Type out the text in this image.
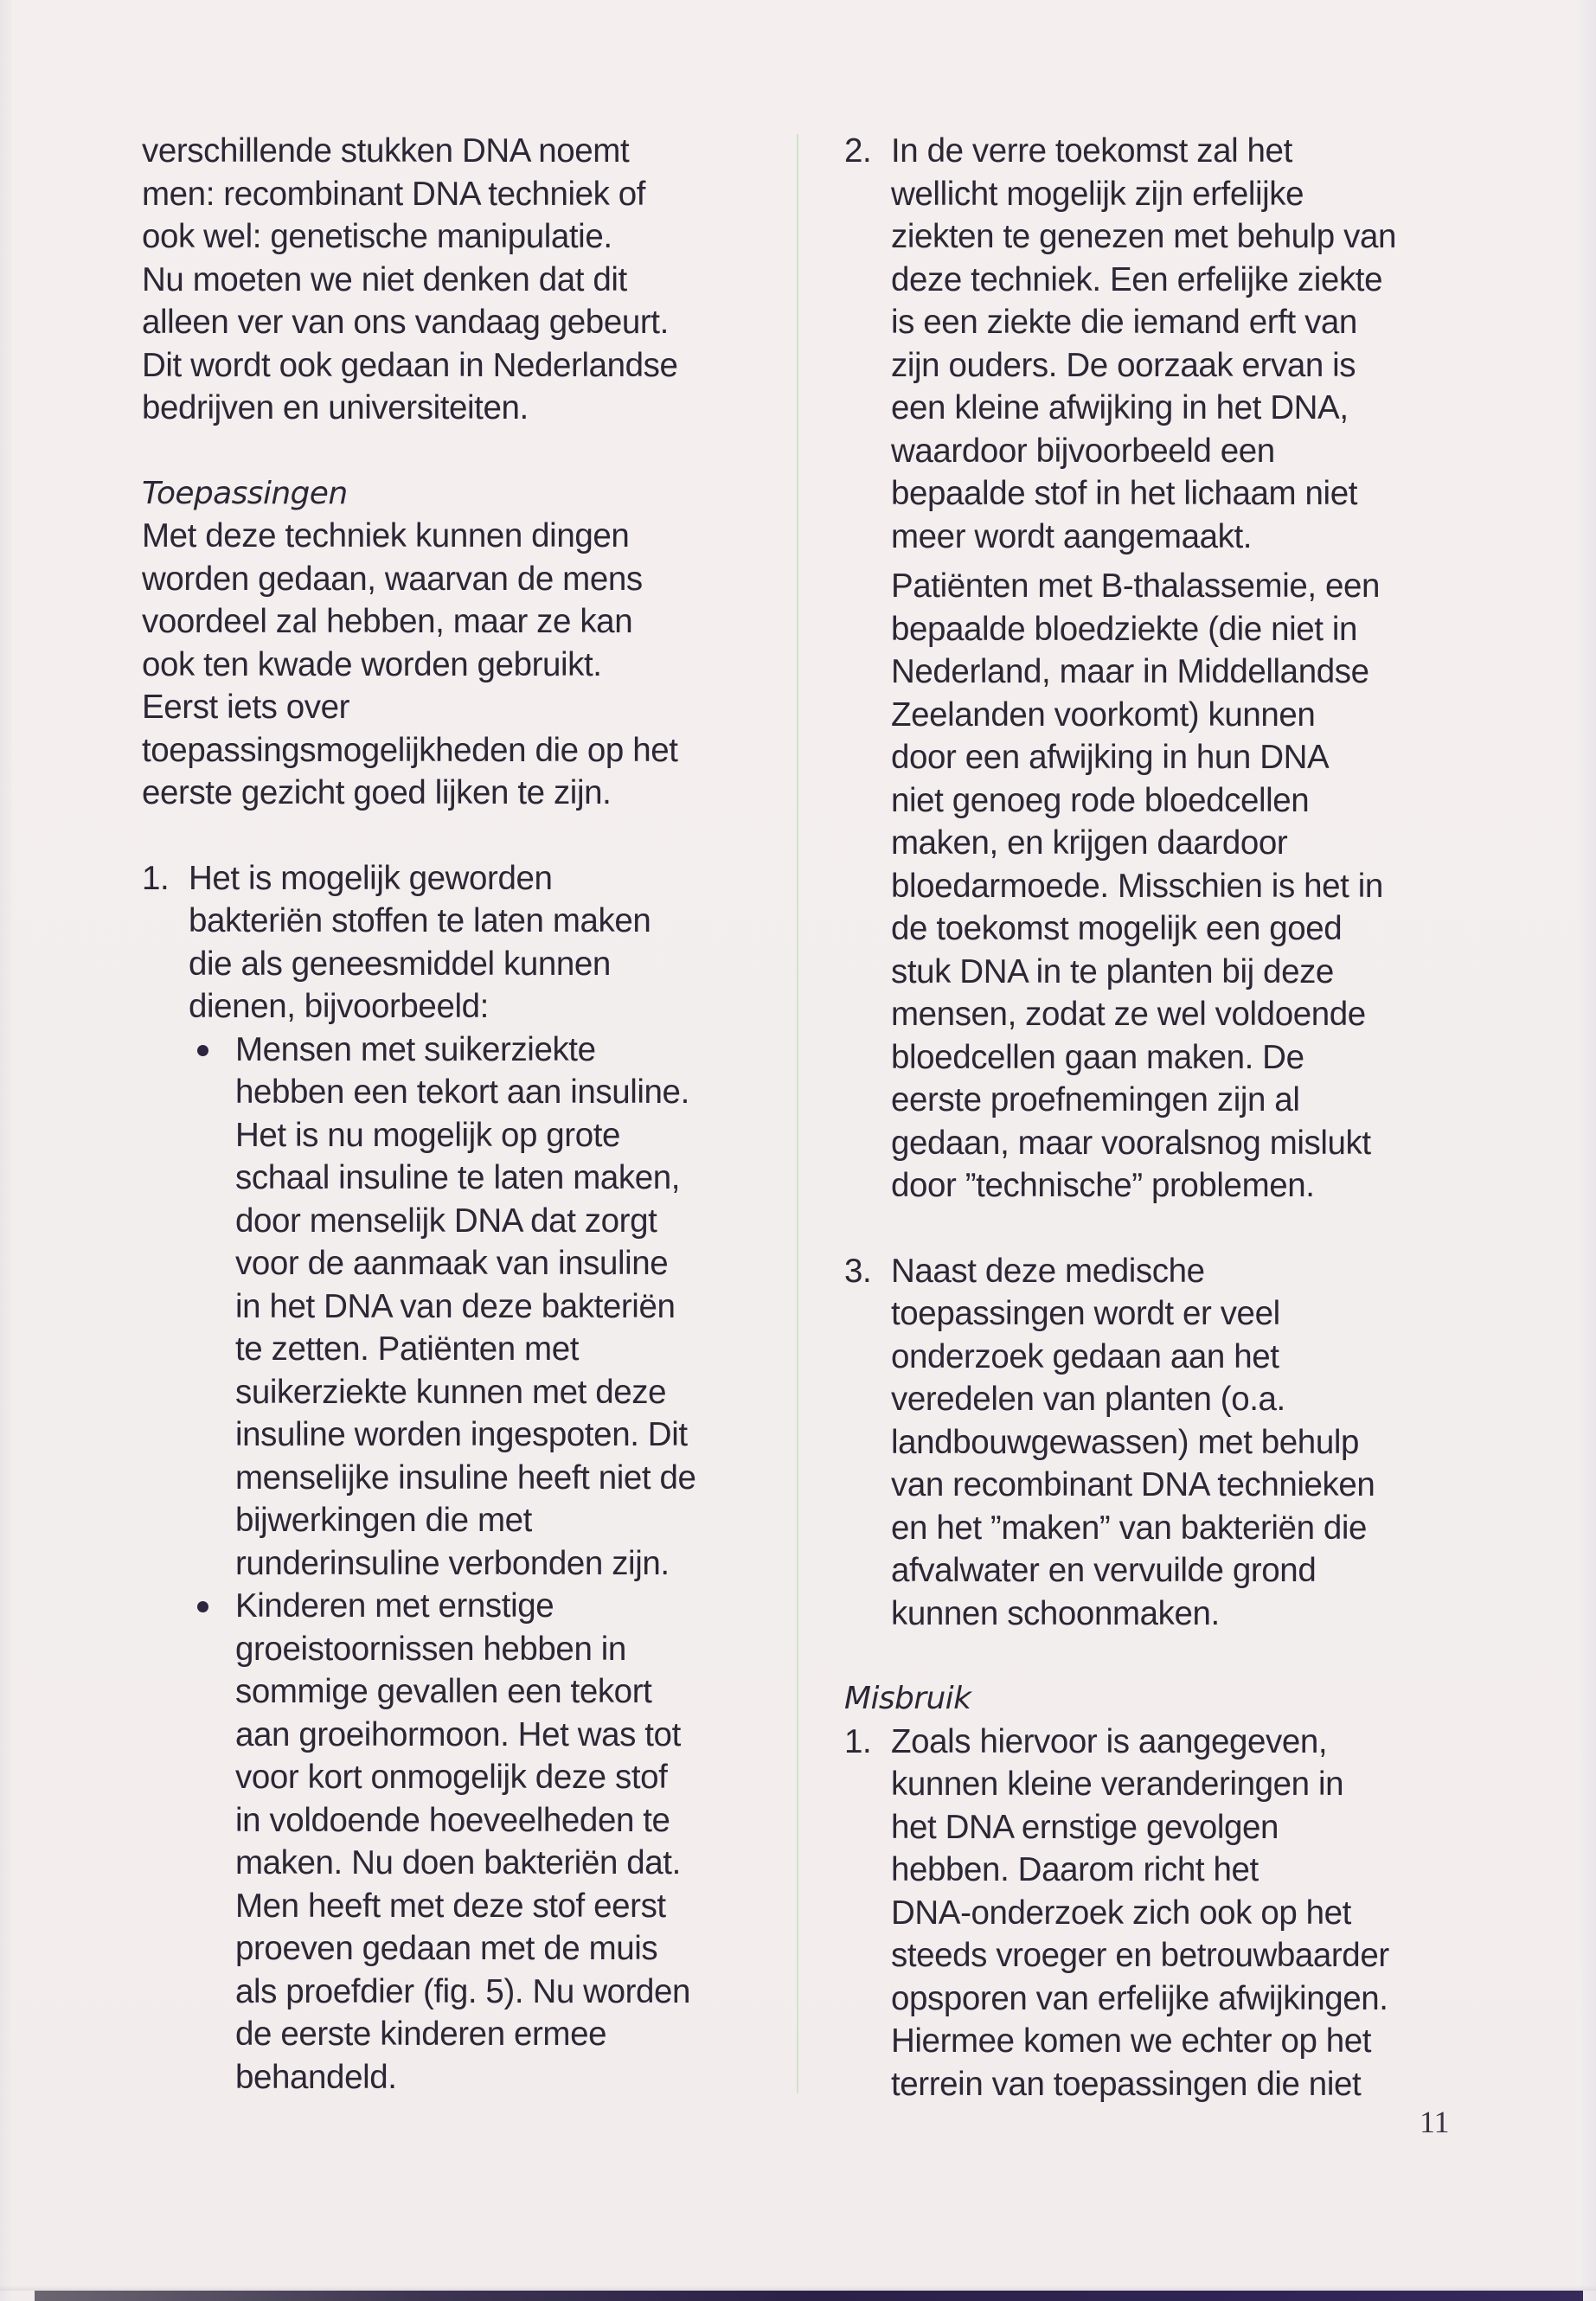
verschillende stukken DNA noemt

men: recombinant DNA techniek of

ook wel: genetische manipulatie.

Nu moeten we niet denken dat dit

alleen ver van ons vandaag gebeurt.

Dit wordt ook gedaan in Nederlandse

bedrijven en universiteiten.

Toepassingen

Met deze techniek kunnen dingen

worden gedaan, waarvan de mens

voordeel zal hebben, maar ze kan

ook ten kwade worden gebruikt.

Eerst iets over

toepassingsmogelijkheden die op het

eerste gezicht goed lijken te zijn.

1. Het is mogelijk geworden

bakteriën stoffen te laten maken

die als geneesmiddel kunnen

dienen, bijvoorbeeld:

Mensen met suikerziekte

hebben een tekort aan insuline.

Het is nu mogelijk op grote

schaal insuline te laten maken,

door menselijk DNA dat zorgt

voor de aanmaak van insuline

in het DNA van deze bakteriën

te zetten. Patiënten met

suikerziekte kunnen met deze

insuline worden ingespoten. Dit

menselijke insuline heeft niet de

bijwerkingen die met

runderinsuline verbonden zijn.

Kinderen met ernstige

groeistoornissen hebben in

sommige gevallen een tekort

aan groeihormoon. Het was tot

voor kort onmogelijk deze stof

in voldoende hoeveelheden te

maken. Nu doen bakteriën dat.

Men heeft met deze stof eerst

proeven gedaan met de muis

als proefdier (fig. 5). Nu worden

de eerste kinderen ermee

behandeld.

2. In de verre toekomst zal het

wellicht mogelijk zijn erfelijke

ziekten te genezen met behulp van

deze techniek. Een erfelijke ziekte

is een ziekte die iemand erft van

zijn ouders. De oorzaak ervan is

een kleine afwijking in het DNA,

waardoor bijvoorbeeld een

bepaalde stof in het lichaam niet

meer wordt aangemaakt.

Patiënten met B-thalassemie, een

bepaalde bloedziekte (die niet in

Nederland, maar in Middellandse

Zeelanden voorkomt) kunnen

door een afwijking in hun DNA

niet genoeg rode bloedcellen

maken, en krijgen daardoor

bloedarmoede. Misschien is het in

de toekomst mogelijk een goed

stuk DNA in te planten bij deze

mensen, zodat ze wel voldoende

bloedcellen gaan maken. De

eerste proefnemingen zijn al

gedaan, maar vooralsnog mislukt

door ”technische” problemen.

3. Naast deze medische

toepassingen wordt er veel

onderzoek gedaan aan het

veredelen van planten (o.a.

landbouwgewassen) met behulp

van recombinant DNA technieken

en het ”maken” van bakteriën die

afvalwater en vervuilde grond

kunnen schoonmaken.

Misbruik

1. Zoals hiervoor is aangegeven,

kunnen kleine veranderingen in

het DNA ernstige gevolgen

hebben. Daarom richt het

DNA-onderzoek zich ook op het

steeds vroeger en betrouwbaarder

opsporen van erfelijke afwijkingen.

Hiermee komen we echter op het

terrein van toepassingen die niet

11
